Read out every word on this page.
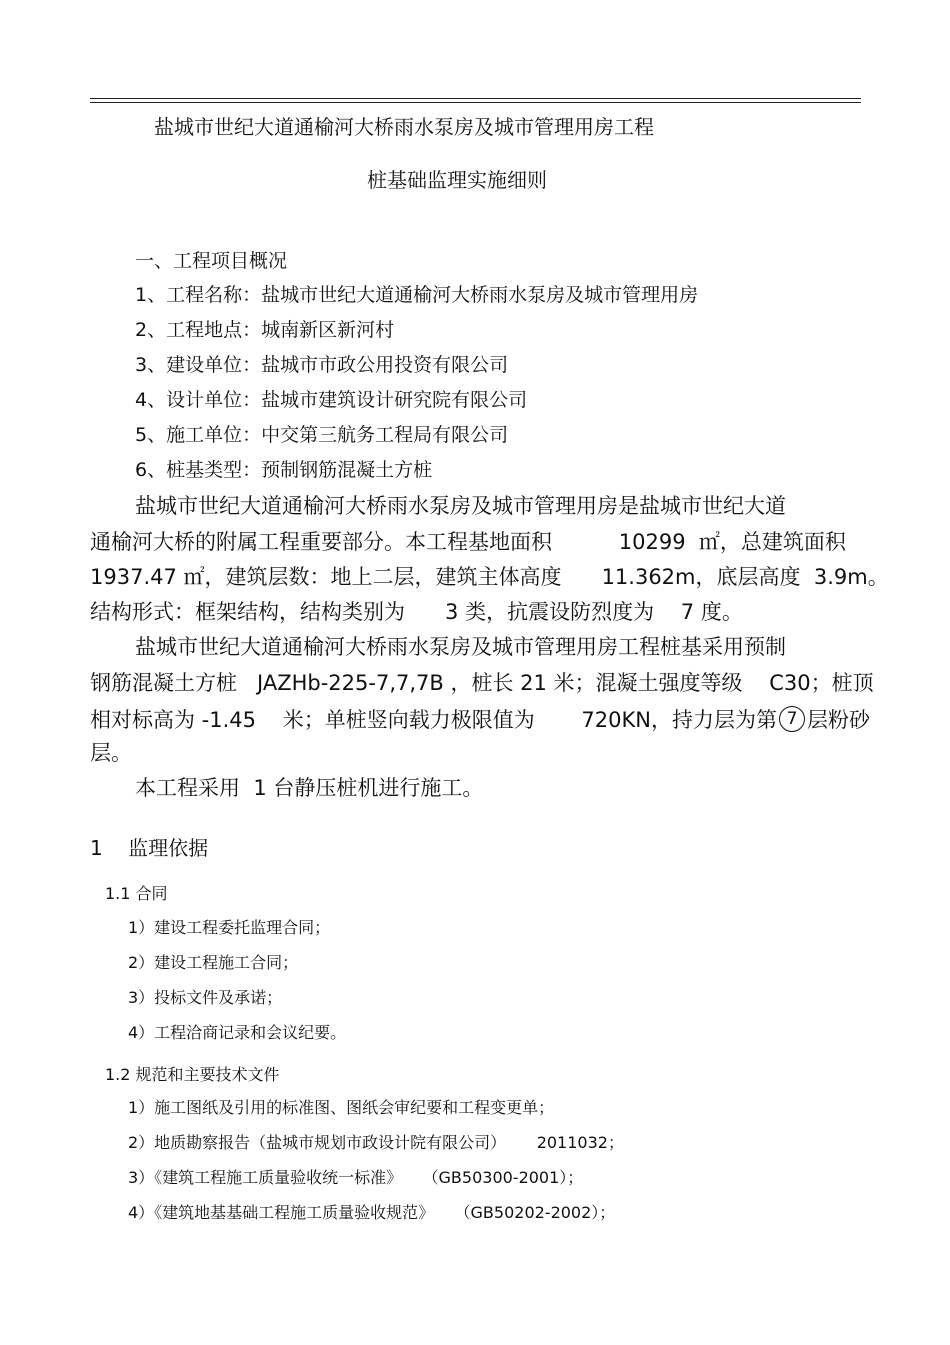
盐城市世纪大道通榆河大桥雨水泵房及城市管理用房工程
桩基础监理实施细则
一、工程项目概况
1、工程名称：盐城市世纪大道通榆河大桥雨水泵房及城市管理用房
2、工程地点：城南新区新河村
3、建设单位：盐城市市政公用投资有限公司
4、设计单位：盐城市建筑设计研究院有限公司
5、施工单位：中交第三航务工程局有限公司
6、桩基类型：预制钢筋混凝土方桩
盐城市世纪大道通榆河大桥雨水泵房及城市管理用房是盐城市世纪大道
通榆河大桥的附属工程重要部分。本工程基地面积          10299  ㎡，总建筑面积
1937.47 ㎡，建筑层数：地上二层，建筑主体高度      11.362m，底层高度  3.9m。
结构形式：框架结构，结构类别为      3 类，抗震设防烈度为    7 度。
盐城市世纪大道通榆河大桥雨水泵房及城市管理用房工程桩基采用预制
钢筋混凝土方桩   JAZHb-225-7,7,7B ，桩长 21 米；混凝土强度等级    C30；桩顶
相对标高为 -1.45    米；单桩竖向载力极限值为       720KN，持力层为第 7 层粉砂
层。
本工程采用  1 台静压桩机进行施工。
1    监理依据
1.1 合同
1）建设工程委托监理合同；
2）建设工程施工合同；
3）投标文件及承诺；
4）工程洽商记录和会议纪要。
1.2 规范和主要技术文件
1）施工图纸及引用的标准图、图纸会审纪要和工程变更单；
2）地质勘察报告（盐城市规划市政设计院有限公司）      2011032；
3）《建筑工程施工质量验收统一标准》    （GB50300-2001）；
4）《建筑地基基础工程施工质量验收规范》    （GB50202-2002）；
